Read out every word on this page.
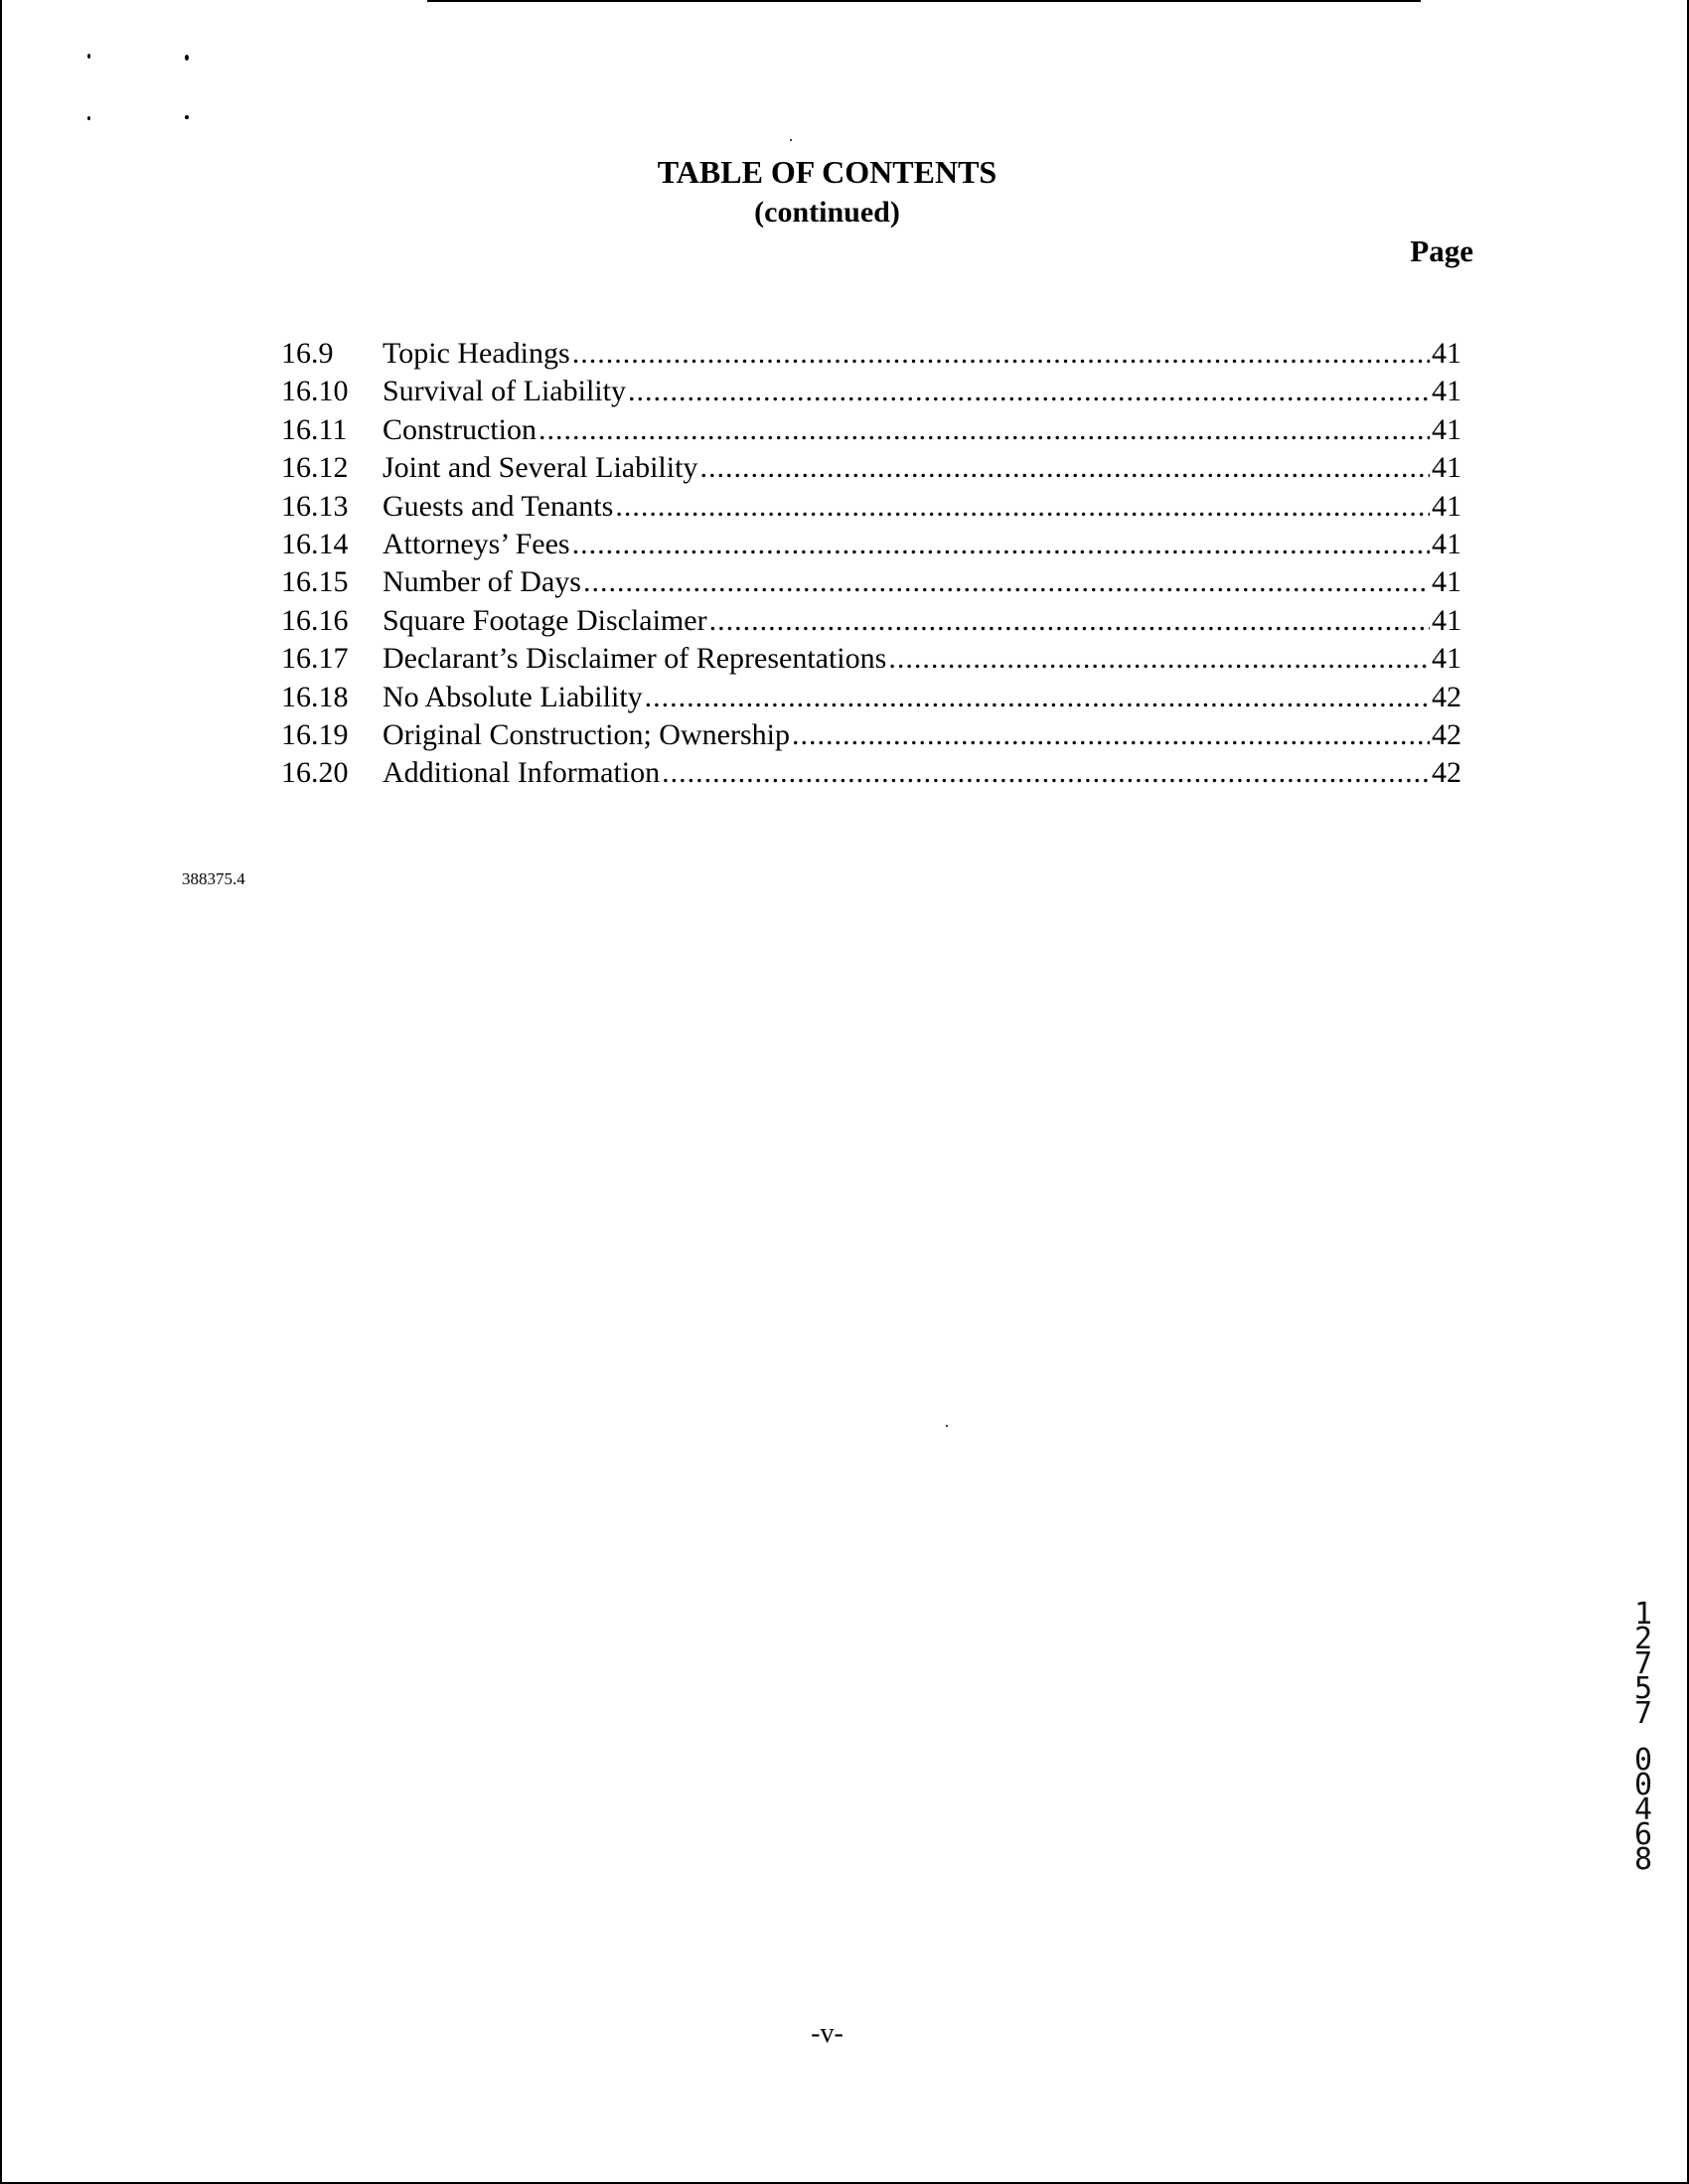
TABLE OF CONTENTS
(continued)
Page
16.9	Topic Headings .....	41
16.10	Survival of Liability .....	41
16.11	Construction .....	41
16.12	Joint and Several Liability .....	41
16.13	Guests and Tenants .....	41
16.14	Attorneys’ Fees .....	41
16.15	Number of Days .....	41
16.16	Square Footage Disclaimer .....	41
16.17	Declarant’s Disclaimer of Representations .....	41
16.18	No Absolute Liability .....	42
16.19	Original Construction; Ownership .....	42
16.20	Additional Information .....	42
388375.4
12757
00468
-v-
